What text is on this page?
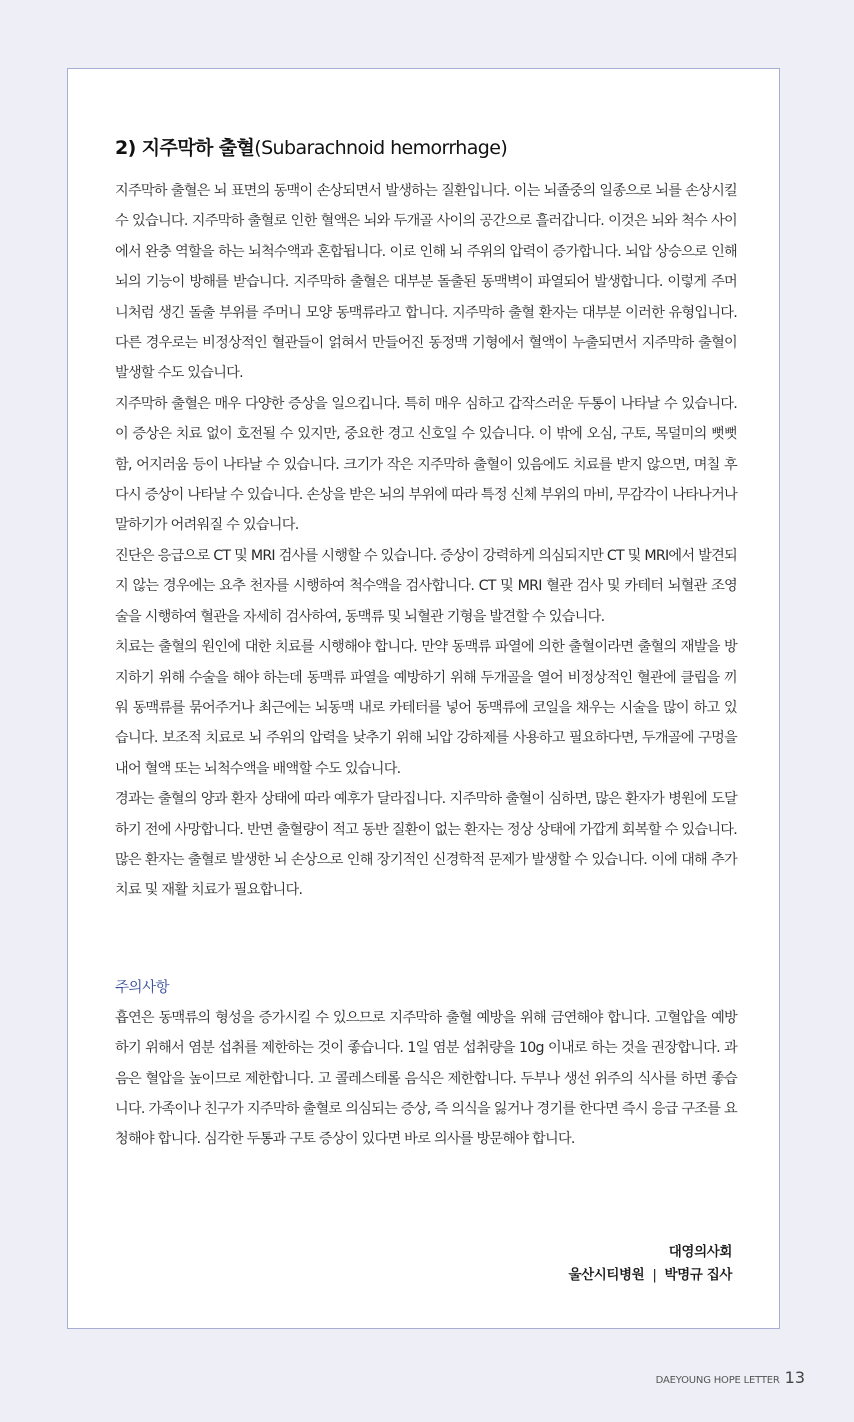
2) 지주막하 출혈(Subarachnoid hemorrhage)

지주막하 출혈은 뇌 표면의 동맥이 손상되면서 발생하는 질환입니다. 이는 뇌졸중의 일종으로 뇌를 손상시킬 수 있습니다. 지주막하 출혈로 인한 혈액은 뇌와 두개골 사이의 공간으로 흘러갑니다. 이것은 뇌와 척수 사이에서 완충 역할을 하는 뇌척수액과 혼합됩니다. 이로 인해 뇌 주위의 압력이 증가합니다. 뇌압 상승으로 인해 뇌의 기능이 방해를 받습니다. 지주막하 출혈은 대부분 돌출된 동맥벽이 파열되어 발생합니다. 이렇게 주머니처럼 생긴 돌출 부위를 주머니 모양 동맥류라고 합니다. 지주막하 출혈 환자는 대부분 이러한 유형입니다. 다른 경우로는 비정상적인 혈관들이 얽혀서 만들어진 동정맥 기형에서 혈액이 누출되면서 지주막하 출혈이 발생할 수도 있습니다.

지주막하 출혈은 매우 다양한 증상을 일으킵니다. 특히 매우 심하고 갑작스러운 두통이 나타날 수 있습니다. 이 증상은 치료 없이 호전될 수 있지만, 중요한 경고 신호일 수 있습니다. 이 밖에 오심, 구토, 목덜미의 뻣뻣함, 어지러움 등이 나타날 수 있습니다. 크기가 작은 지주막하 출혈이 있음에도 치료를 받지 않으면, 며칠 후 다시 증상이 나타날 수 있습니다. 손상을 받은 뇌의 부위에 따라 특정 신체 부위의 마비, 무감각이 나타나거나 말하기가 어려워질 수 있습니다.

진단은 응급으로 CT 및 MRI 검사를 시행할 수 있습니다. 증상이 강력하게 의심되지만 CT 및 MRI에서 발견되지 않는 경우에는 요추 천자를 시행하여 척수액을 검사합니다. CT 및 MRI 혈관 검사 및 카테터 뇌혈관 조영술을 시행하여 혈관을 자세히 검사하여, 동맥류 및 뇌혈관 기형을 발견할 수 있습니다.

치료는 출혈의 원인에 대한 치료를 시행해야 합니다. 만약 동맥류 파열에 의한 출혈이라면 출혈의 재발을 방지하기 위해 수술을 해야 하는데 동맥류 파열을 예방하기 위해 두개골을 열어 비정상적인 혈관에 클립을 끼워 동맥류를 묶어주거나 최근에는 뇌동맥 내로 카테터를 넣어 동맥류에 코일을 채우는 시술을 많이 하고 있습니다. 보조적 치료로 뇌 주위의 압력을 낮추기 위해 뇌압 강하제를 사용하고 필요하다면, 두개골에 구멍을 내어 혈액 또는 뇌척수액을 배액할 수도 있습니다.

경과는 출혈의 양과 환자 상태에 따라 예후가 달라집니다. 지주막하 출혈이 심하면, 많은 환자가 병원에 도달하기 전에 사망합니다. 반면 출혈량이 적고 동반 질환이 없는 환자는 정상 상태에 가깝게 회복할 수 있습니다. 많은 환자는 출혈로 발생한 뇌 손상으로 인해 장기적인 신경학적 문제가 발생할 수 있습니다. 이에 대해 추가 치료 및 재활 치료가 필요합니다.

주의사항

흡연은 동맥류의 형성을 증가시킬 수 있으므로 지주막하 출혈 예방을 위해 금연해야 합니다. 고혈압을 예방하기 위해서 염분 섭취를 제한하는 것이 좋습니다. 1일 염분 섭취량을 10g 이내로 하는 것을 권장합니다. 과음은 혈압을 높이므로 제한합니다. 고 콜레스테롤 음식은 제한합니다. 두부나 생선 위주의 식사를 하면 좋습니다. 가족이나 친구가 지주막하 출혈로 의심되는 증상, 즉 의식을 잃거나 경기를 한다면 즉시 응급 구조를 요청해야 합니다. 심각한 두통과 구토 증상이 있다면 바로 의사를 방문해야 합니다.

대영의사회
울산시티병원 | 박명규 집사
DAEYOUNG HOPE LETTER 13
